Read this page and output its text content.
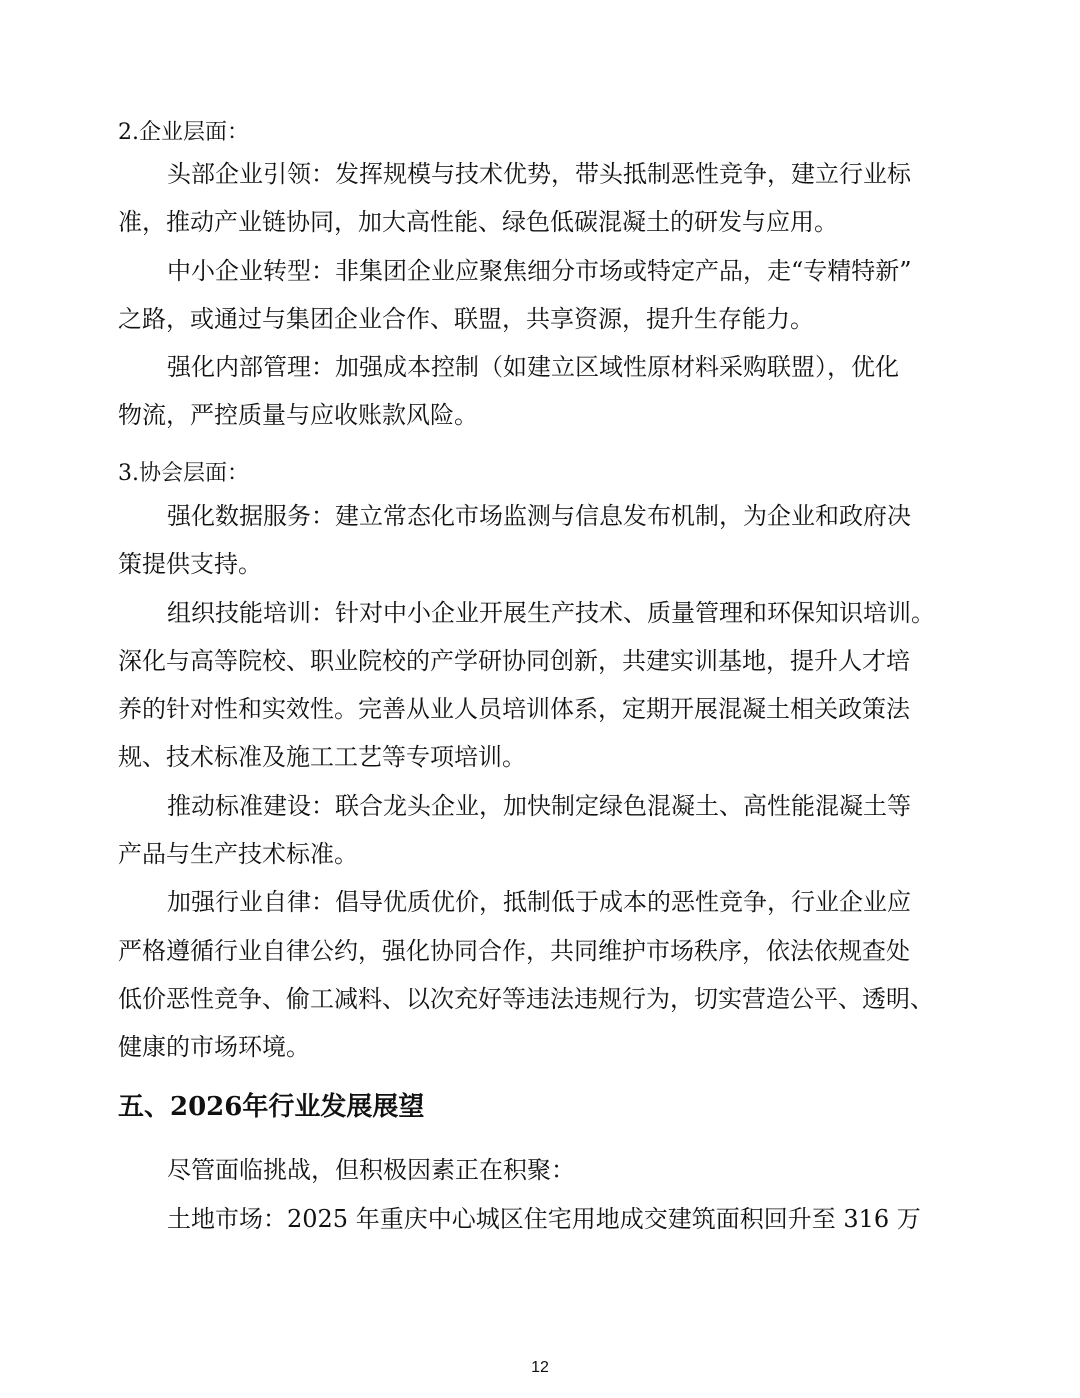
2.企业层面：

头部企业引领：发挥规模与技术优势，带头抵制恶性竞争，建立行业标

准，推动产业链协同，加大高性能、绿色低碳混凝土的研发与应用。

中小企业转型：非集团企业应聚焦细分市场或特定产品，走“专精特新”

之路，或通过与集团企业合作、联盟，共享资源，提升生存能力。

强化内部管理：加强成本控制（如建立区域性原材料采购联盟），优化

物流，严控质量与应收账款风险。

3.协会层面：

强化数据服务：建立常态化市场监测与信息发布机制，为企业和政府决

策提供支持。

组织技能培训：针对中小企业开展生产技术、质量管理和环保知识培训。

深化与高等院校、职业院校的产学研协同创新，共建实训基地，提升人才培

养的针对性和实效性。完善从业人员培训体系，定期开展混凝土相关政策法

规、技术标准及施工工艺等专项培训。

推动标准建设：联合龙头企业，加快制定绿色混凝土、高性能混凝土等

产品与生产技术标准。

加强行业自律：倡导优质优价，抵制低于成本的恶性竞争，行业企业应

严格遵循行业自律公约，强化协同合作，共同维护市场秩序，依法依规查处

低价恶性竞争、偷工减料、以次充好等违法违规行为，切实营造公平、透明、

健康的市场环境。

五、2026年行业发展展望

尽管面临挑战，但积极因素正在积聚：

土地市场：2025 年重庆中心城区住宅用地成交建筑面积回升至 316 万

12
